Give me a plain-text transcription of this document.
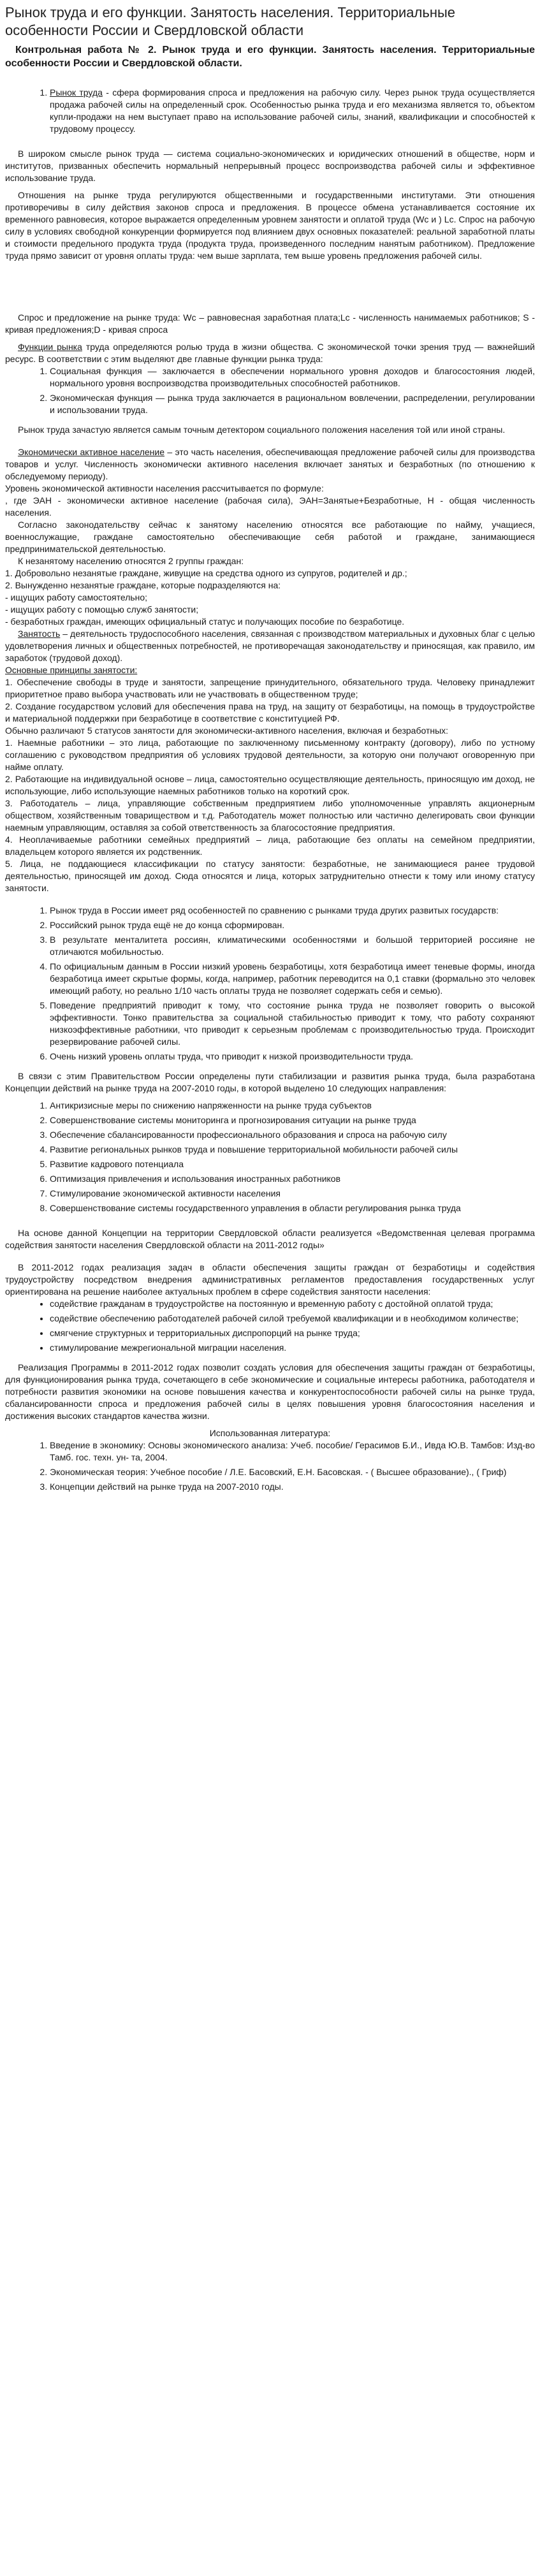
Рынок труда и его функции. Занятость населения. Территориальные особенности России и Свердловской области

Контрольная работа № 2. Рынок труда и его функции. Занятость населения. Территориальные особенности России и Свердловской области.

1. Рынок труда - сфера формирования спроса и предложения на рабочую силу. Через рынок труда осуществляется продажа рабочей силы на определенный срок. Особенностью рынка труда и его механизма является то, объектом купли-продажи на нем выступает право на использование рабочей силы, знаний, квалификации и способностей к трудовому процессу.

В широком смысле рынок труда — система социально-экономических и юридических отношений в обществе, норм и институтов, призванных обеспечить нормальный непрерывный процесс воспроизводства рабочей силы и эффективное использование труда.

Отношения на рынке труда регулируются общественными и государственными институтами. Эти отношения противоречивы в силу действия законов спроса и предложения. В процессе обмена устанавливается состояние их временного равновесия, которое выражается определенным уровнем занятости и оплатой труда (Wc и ) Lc. Спрос на рабочую силу в условиях свободной конкуренции формируется под влиянием двух основных показателей: реальной заработной платы и стоимости предельного продукта труда (продукта труда, произведенного последним нанятым работником). Предложение труда прямо зависит от уровня оплаты труда: чем выше зарплата, тем выше уровень предложения рабочей силы.

Спрос и предложение на рынке труда: Wc – равновесная заработная плата;Lc - численность нанимаемых работников; S - кривая предложения;D - кривая спроса

Функции рынка труда определяются ролью труда в жизни общества. С экономической точки зрения труд — важнейший ресурс. В соответствии с этим выделяют две главные функции рынка труда:

1. Социальная функция — заключается в обеспечении нормального уровня доходов и благосостояния людей, нормального уровня воспроизводства производительных способностей работников.
2. Экономическая функция — рынка труда заключается в рациональном вовлечении, распределении, регулировании и использовании труда.

Рынок труда зачастую является самым точным детектором социального положения населения той или иной страны.

Экономически активное население – это часть населения, обеспечивающая предложение рабочей силы для производства товаров и услуг. Численность экономически активного населения включает занятых и безработных (по отношению к обследуемому периоду).

Уровень экономической активности населения рассчитывается по формуле:

, где ЭАН - экономически активное население (рабочая сила), ЭАН=Занятые+Безработные, Н - общая численность населения.

Согласно законодательству сейчас к занятому населению относятся все работающие по найму, учащиеся, военнослужащие, граждане самостоятельно обеспечивающие себя работой и граждане, занимающиеся предпринимательской деятельностью.

К незанятому населению относятся 2 группы граждан:

1. Добровольно незанятые граждане, живущие на средства одного из супругов, родителей и др.;

2. Вынужденно незанятые граждане, которые подразделяются на:

- ищущих работу самостоятельно;

- ищущих работу с помощью служб занятости;

- безработных граждан, имеющих официальный статус и получающих пособие по безработице.

Занятость – деятельность трудоспособного населения, связанная с производством материальных и духовных благ с целью удовлетворения личных и общественных потребностей, не противоречащая законодательству и приносящая, как правило, им заработок (трудовой доход).

Основные принципы занятости:

1. Обеспечение свободы в труде и занятости, запрещение принудительного, обязательного труда. Человеку принадлежит приоритетное право выбора участвовать или не участвовать в общественном труде;

2. Создание государством условий для обеспечения права на труд, на защиту от безработицы, на помощь в трудоустройстве и материальной поддержки при безработице в соответствие с конституцией РФ.

Обычно различают 5 статусов занятости для экономически-активного населения, включая и безработных:

1. Наемные работники – это лица, работающие по заключенному письменному контракту (договору), либо по устному соглашению с руководством предприятия об условиях трудовой деятельности, за которую они получают оговоренную при найме оплату.

2. Работающие на индивидуальной основе – лица, самостоятельно осуществляющие деятельность, приносящую им доход, не использующие, либо использующие наемных работников только на короткий срок.

3. Работодатель – лица, управляющие собственным предприятием либо уполномоченные управлять акционерным обществом, хозяйственным товариществом и т.д. Работодатель может полностью или частично делегировать свои функции наемным управляющим, оставляя за собой ответственность за благосостояние предприятия.

4. Неоплачиваемые работники семейных предприятий – лица, работающие без оплаты на семейном предприятии, владельцем которого является их родственник.

5. Лица, не поддающиеся классификации по статусу занятости: безработные, не занимающиеся ранее трудовой деятельностью, приносящей им доход. Сюда относятся и лица, которых затруднительно отнести к тому или иному статусу занятости.

1. Рынок труда в России имеет ряд особенностей по сравнению с рынками труда других развитых государств:
2. Российский рынок труда ещё не до конца сформирован.
3. В результате менталитета россиян, климатическими особенностями и большой территорией россияне не отличаются мобильностью.
4. По официальным данным в России низкий уровень безработицы, хотя безработица имеет теневые формы, иногда безработица имеет скрытые формы, когда, например, работник переводится на 0,1 ставки (формально это человек имеющий работу, но реально 1/10 часть оплаты труда не позволяет содержать себя и семью).
5. Поведение предприятий приводит к тому, что состояние рынка труда не позволяет говорить о высокой эффективности. Тонко правительства за социальной стабильностью приводит к тому, что работу сохраняют низкоэффективные работники, что приводит к серьезным проблемам с производительностью труда. Происходит резервирование рабочей силы.
6. Очень низкий уровень оплаты труда, что приводит к низкой производительности труда.

В связи с этим Правительством России определены пути стабилизации и развития рынка труда, была разработана Концепции действий на рынке труда на 2007-2010 годы, в которой выделено 10 следующих направления:

1. Антикризисные меры по снижению напряженности на рынке труда субъектов
2. Совершенствование системы мониторинга и прогнозирования ситуации на рынке труда
3. Обеспечение сбалансированности профессионального образования и спроса на рабочую силу
4. Развитие региональных рынков труда и повышение территориальной мобильности рабочей силы
5. Развитие кадрового потенциала
6. Оптимизация привлечения и использования иностранных работников
7. Стимулирование экономической активности населения
8. Совершенствование системы государственного управления в области регулирования рынка труда

На основе данной Концепции на территории Свердловской области реализуется «Ведомственная целевая программа содействия занятости населения Свердловской области на 2011-2012 годы»

В 2011-2012 годах реализация задач в области обеспечения защиты граждан от безработицы и содействия трудоустройству посредством внедрения административных регламентов предоставления государственных услуг ориентирована на решение наиболее актуальных проблем в сфере содействия занятости населения:

• содействие гражданам в трудоустройстве на постоянную и временную работу с достойной оплатой труда;
• содействие обеспечению работодателей рабочей силой требуемой квалификации и в необходимом количестве;
• смягчение структурных и территориальных диспропорций на рынке труда;
• стимулирование межрегиональной миграции населения.

Реализация Программы в 2011-2012 годах позволит создать условия для обеспечения защиты граждан от безработицы, для функционирования рынка труда, сочетающего в себе экономические и социальные интересы работника, работодателя и потребности развития экономики на основе повышения качества и конкурентоспособности рабочей силы на рынке труда, сбалансированности спроса и предложения рабочей силы в целях повышения уровня благосостояния населения и достижения высоких стандартов качества жизни.

Использованная литература:

1. Введение в экономику: Основы экономического анализа: Учеб. пособие/ Герасимов Б.И., Ивда Ю.В. Тамбов: Изд-во Тамб. гос. техн. ун- та, 2004.
2. Экономическая теория: Учебное пособие / Л.Е. Басовский, Е.Н. Басовская. - ( Высшее образование)., ( Гриф)
3. Концепции действий на рынке труда на 2007-2010 годы.
